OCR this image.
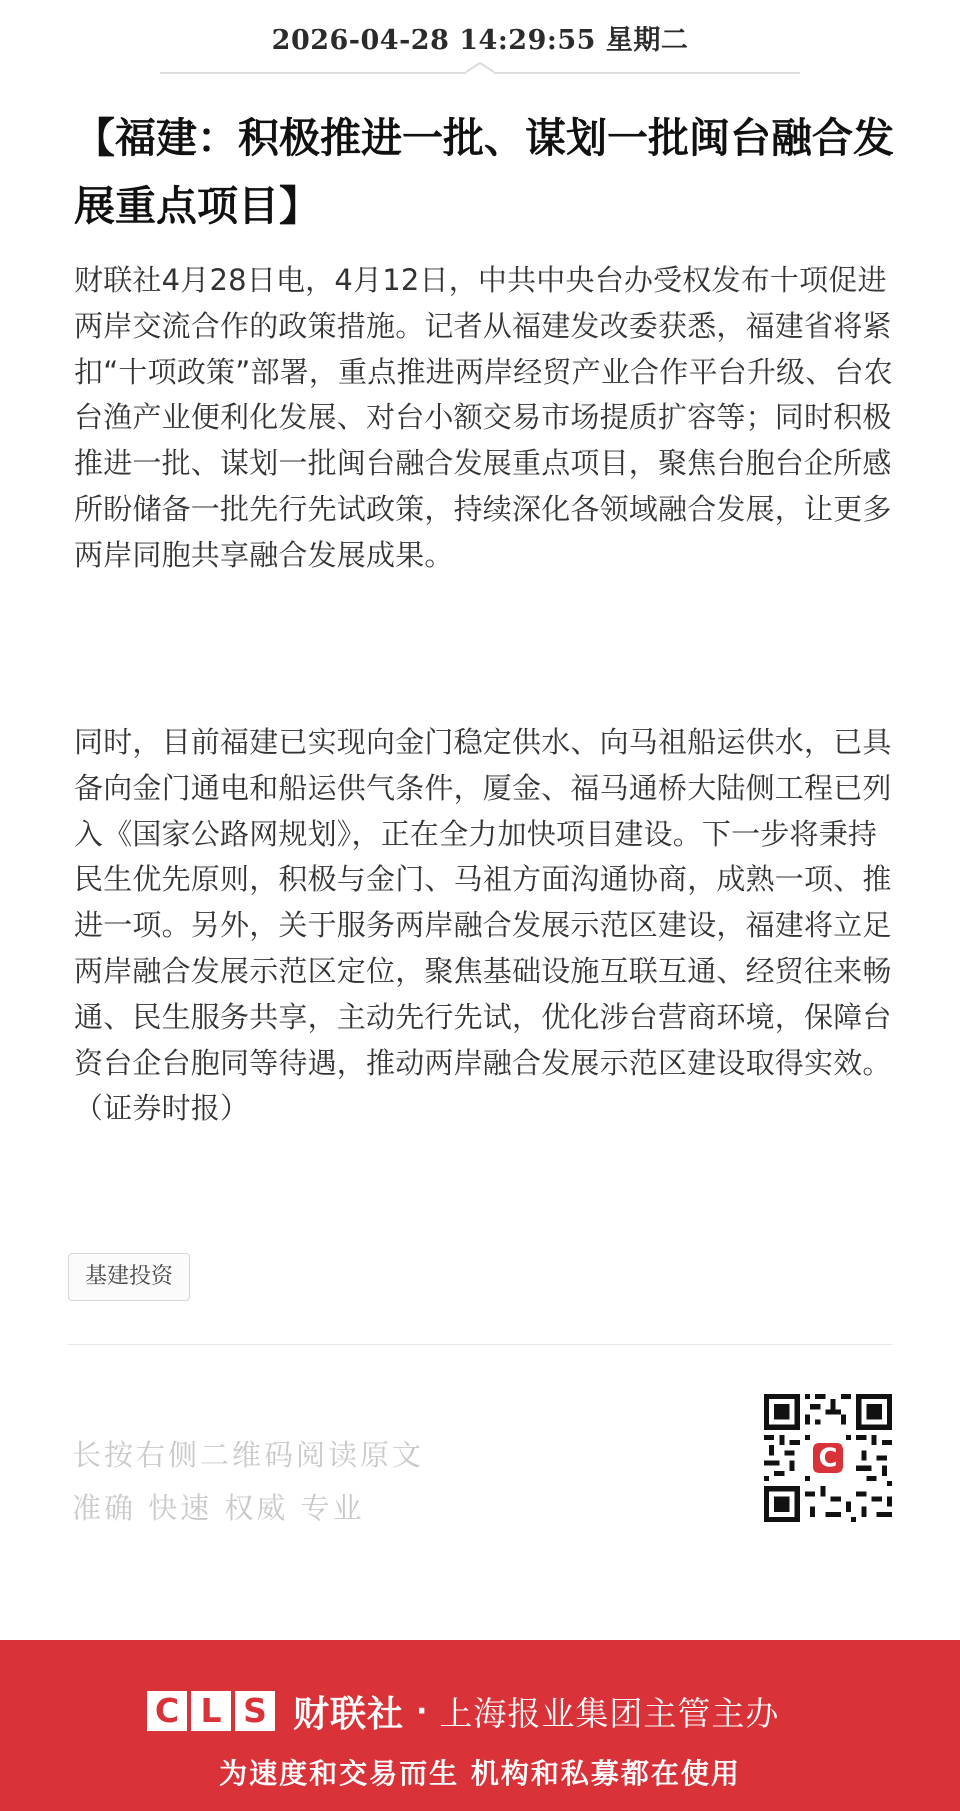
2026-04-28 14:29:55 星期二
【福建：积极推进一批、谋划一批闽台融合发展重点项目】

财联社4月28日电，4月12日，中共中央台办受权发布十项促进两岸交流合作的政策措施。记者从福建发改委获悉，福建省将紧扣“十项政策”部署，重点推进两岸经贸产业合作平台升级、台农台渔产业便利化发展、对台小额交易市场提质扩容等；同时积极推进一批、谋划一批闽台融合发展重点项目，聚焦台胞台企所感所盼储备一批先行先试政策，持续深化各领域融合发展，让更多两岸同胞共享融合发展成果。

同时，目前福建已实现向金门稳定供水、向马祖船运供水，已具备向金门通电和船运供气条件，厦金、福马通桥大陆侧工程已列入《国家公路网规划》，正在全力加快项目建设。下一步将秉持民生优先原则，积极与金门、马祖方面沟通协商，成熟一项、推进一项。另外，关于服务两岸融合发展示范区建设，福建将立足两岸融合发展示范区定位，聚焦基础设施互联互通、经贸往来畅通、民生服务共享，主动先行先试，优化涉台营商环境，保障台资台企台胞同等待遇，推动两岸融合发展示范区建设取得实效。（证券时报）

基建投资
长按右侧二维码阅读原文
准确 快速 权威 专业
C
C L S 财联社 · 上海报业集团主管主办
为速度和交易而生 机构和私募都在使用
